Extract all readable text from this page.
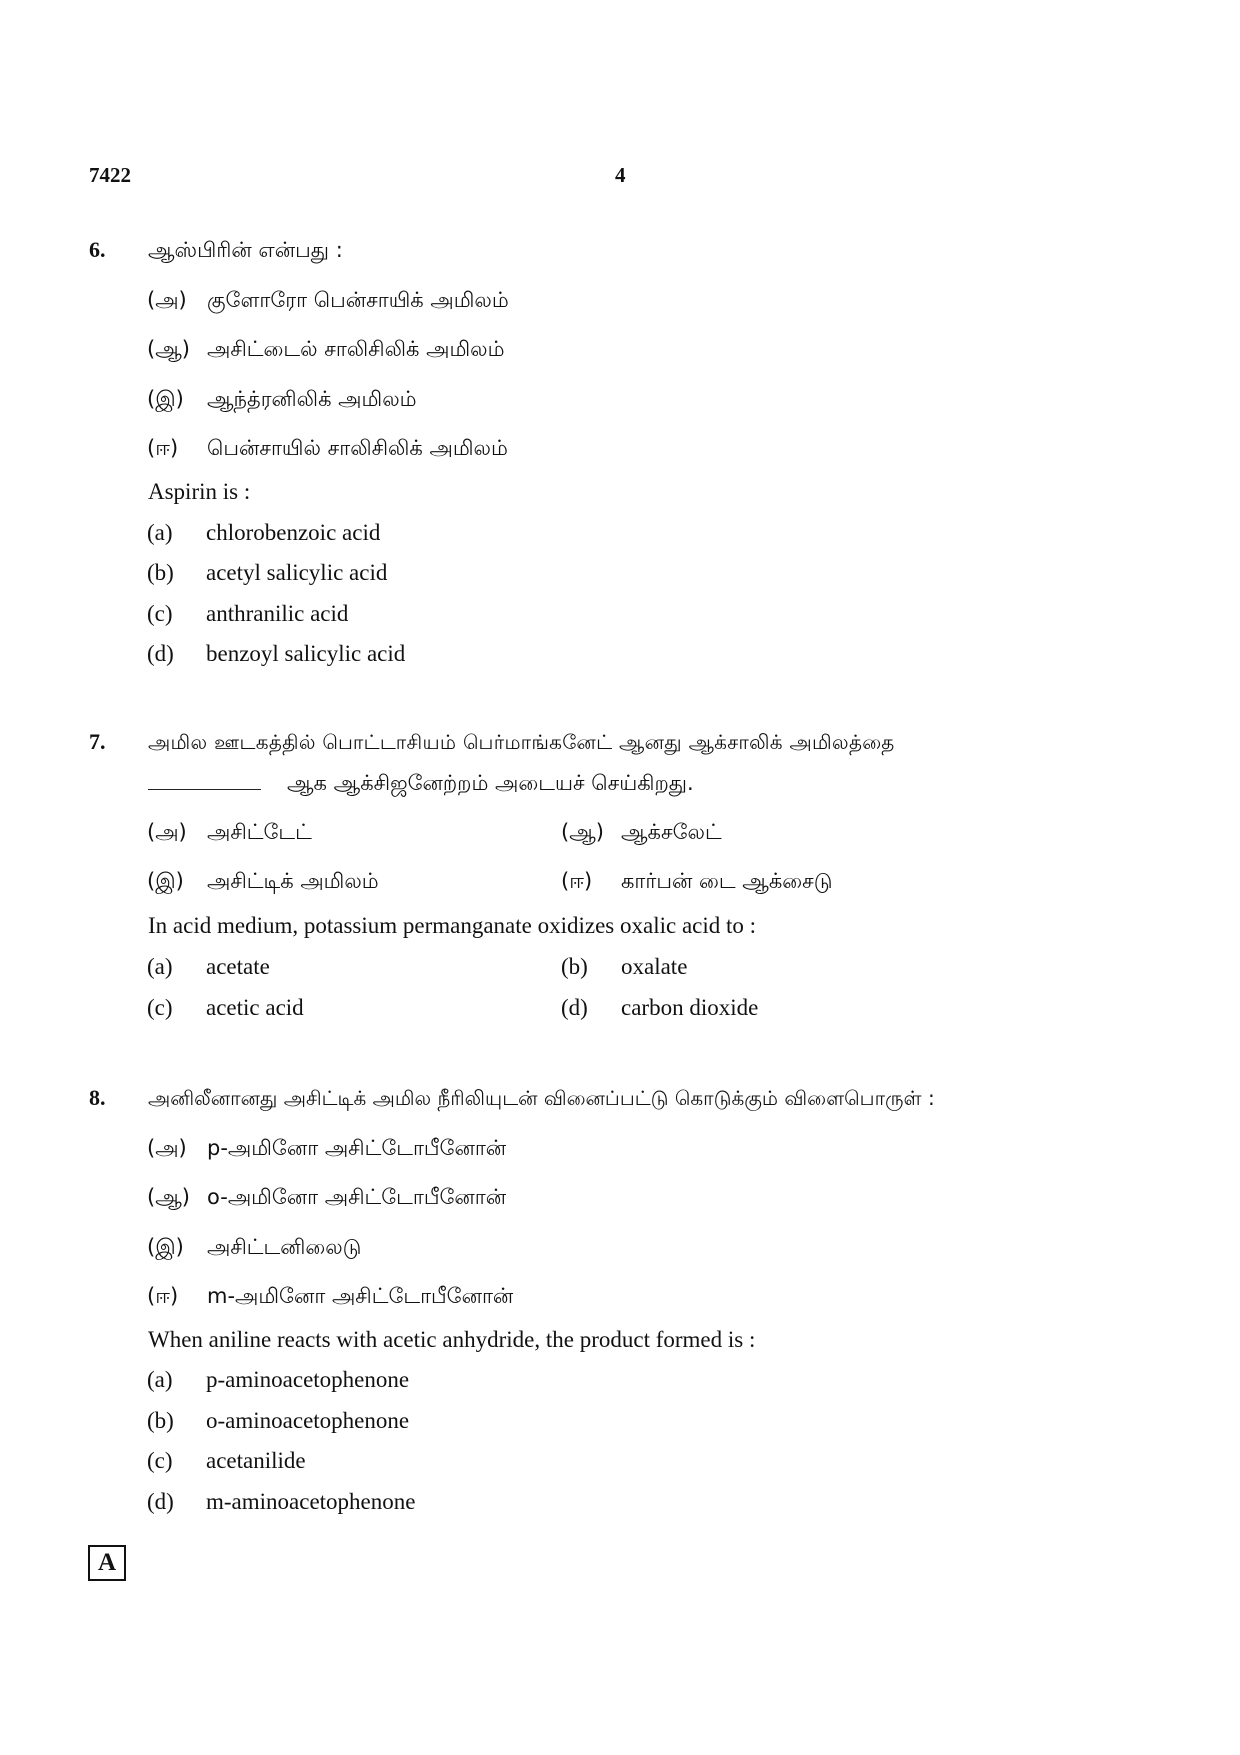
7422	4
6. ஆஸ்பிரின் என்பது :
(அ) குளோரோ பென்சாயிக் அமிலம்
(ஆ) அசிட்டைல் சாலிசிலிக் அமிலம்
(இ) ஆந்த்ரனிலிக் அமிலம்
(ஈ) பென்சாயில் சாலிசிலிக் அமிலம்
Aspirin is :
(a) chlorobenzoic acid
(b) acetyl salicylic acid
(c) anthranilic acid
(d) benzoyl salicylic acid
7. அமில ஊடகத்தில் பொட்டாசியம் பெர்மாங்கனேட் ஆனது ஆக்சாலிக் அமிலத்தை
ஆக ஆக்சிஜனேற்றம் அடையச் செய்கிறது.
(அ) அசிட்டேட்	(ஆ) ஆக்சலேட்
(இ) அசிட்டிக் அமிலம்	(ஈ) கார்பன் டை ஆக்சைடு
In acid medium, potassium permanganate oxidizes oxalic acid to :
(a) acetate	(b) oxalate
(c) acetic acid	(d) carbon dioxide
8. அனிலீனானது அசிட்டிக் அமில நீரிலியுடன் வினைப்பட்டு கொடுக்கும் விளைபொருள் :
(அ) p-அமினோ அசிட்டோபீனோன்
(ஆ) o-அமினோ அசிட்டோபீனோன்
(இ) அசிட்டனிலைடு
(ஈ) m-அமினோ அசிட்டோபீனோன்
When aniline reacts with acetic anhydride, the product formed is :
(a) p-aminoacetophenone
(b) o-aminoacetophenone
(c) acetanilide
(d) m-aminoacetophenone
A
